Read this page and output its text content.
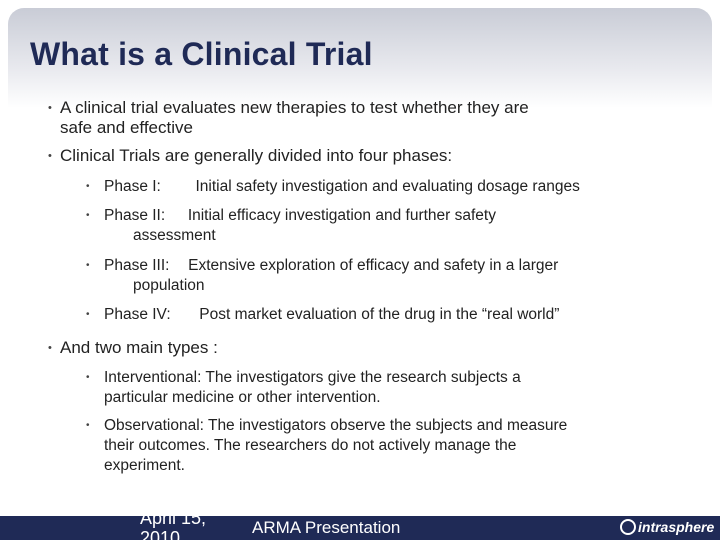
What is a Clinical Trial
• A clinical trial evaluates new therapies to test whether they are
safe and effective
• Clinical Trials are generally divided into four phases:
• Phase I: Initial safety investigation and evaluating dosage ranges
• Phase II: Initial efficacy investigation and further safety
assessment
• Phase III: Extensive exploration of efficacy and safety in a larger
population
• Phase IV: Post market evaluation of the drug in the “real world”
• And two main types :
• Interventional: The investigators give the research subjects a
particular medicine or other intervention.
• Observational: The investigators observe the subjects and measure
their outcomes. The researchers do not actively manage the
experiment.
April 15,
2010
ARMA Presentation	intrasphere
